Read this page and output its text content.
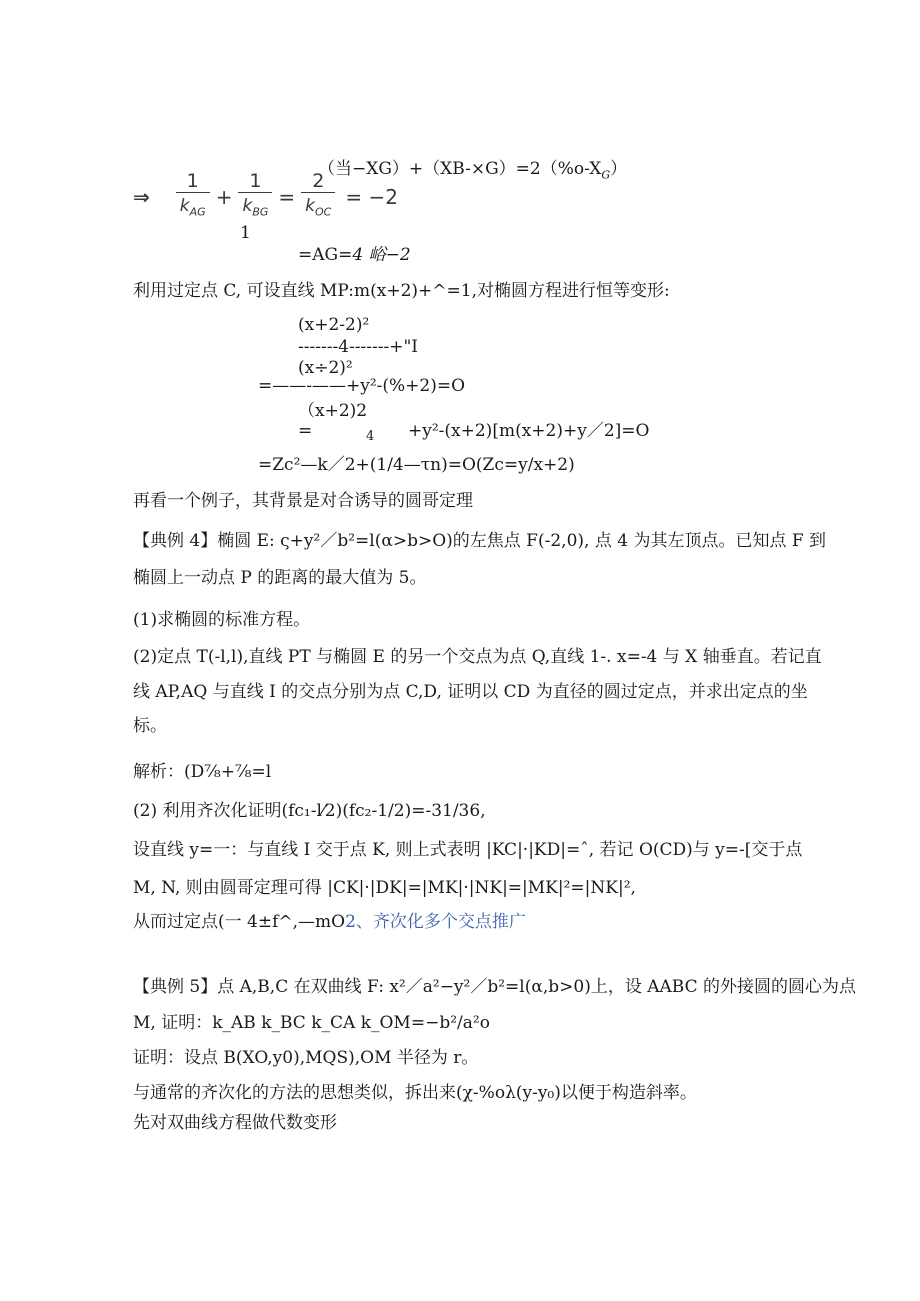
（当$-XG)+(XB-\times G)=2(\%o-X_G)$
⇒ $\frac{1}{k_{AG}} + \frac{1}{k_{BG}} = \frac{2}{k_{OC}} = -2$
1
=AG=4 峪−2
利用过定点 C, 可设直线 MP:m(x+2)+^=1,对椭圆方程进行恒等变形:
(x+2-2)²
-------4-------+"I
(x÷2)²
=——-——+y²-(%+2)=O
（x+2)2
=	4 +y²-(x+2)[m(x+2)+y／2]=O
=Zc²—k／2+(1/4—τn)=O(Zc=y/x+2)
再看一个例子，其背景是对合诱导的圆哥定理
【典例 4】椭圆 E: ς+y²／b²=l(α>b>O)的左焦点 F(-2,0), 点 4 为其左顶点。已知点 F 到
椭圆上一动点 P 的距离的最大值为 5。
(1)求椭圆的标准方程。
(2)定点 T(-l,l),直线 PT 与椭圆 E 的另一个交点为点 Q,直线 1-. x=-4 与 X 轴垂直。若记直
线 AP,AQ 与直线 I 的交点分别为点 C,D, 证明以 CD 为直径的圆过定点，并求出定点的坐
标。
解析：(D⅞+⅞=l
(2) 利用齐次化证明(fc₁-l⁄2)(fc₂-1/2)=-31/36,
设直线 y=一：与直线 I 交于点 K, 则上式表明 |KC|·|KD|=ˆ, 若记 O(CD)与 y=-[交于点
M, N, 则由圆哥定理可得 |CK|·|DK|=|MK|·|NK|=|MK|²=|NK|²,
从而过定点(一 4±f^,—mO2、齐次化多个交点推广
【典例 5】点 A,B,C 在双曲线 F: x²／a²−y²／b²=l(α,b>0)上，设 AABC 的外接圆的圆心为点
M, 证明：k_AB k_BC k_CA k_OM=−b²/a²o
证明：设点 B(XO,y0),MQS),OM 半径为 r。
与通常的齐次化的方法的思想类似，拆出来(χ-%oλ(y-y₀)以便于构造斜率。
先对双曲线方程做代数变形
